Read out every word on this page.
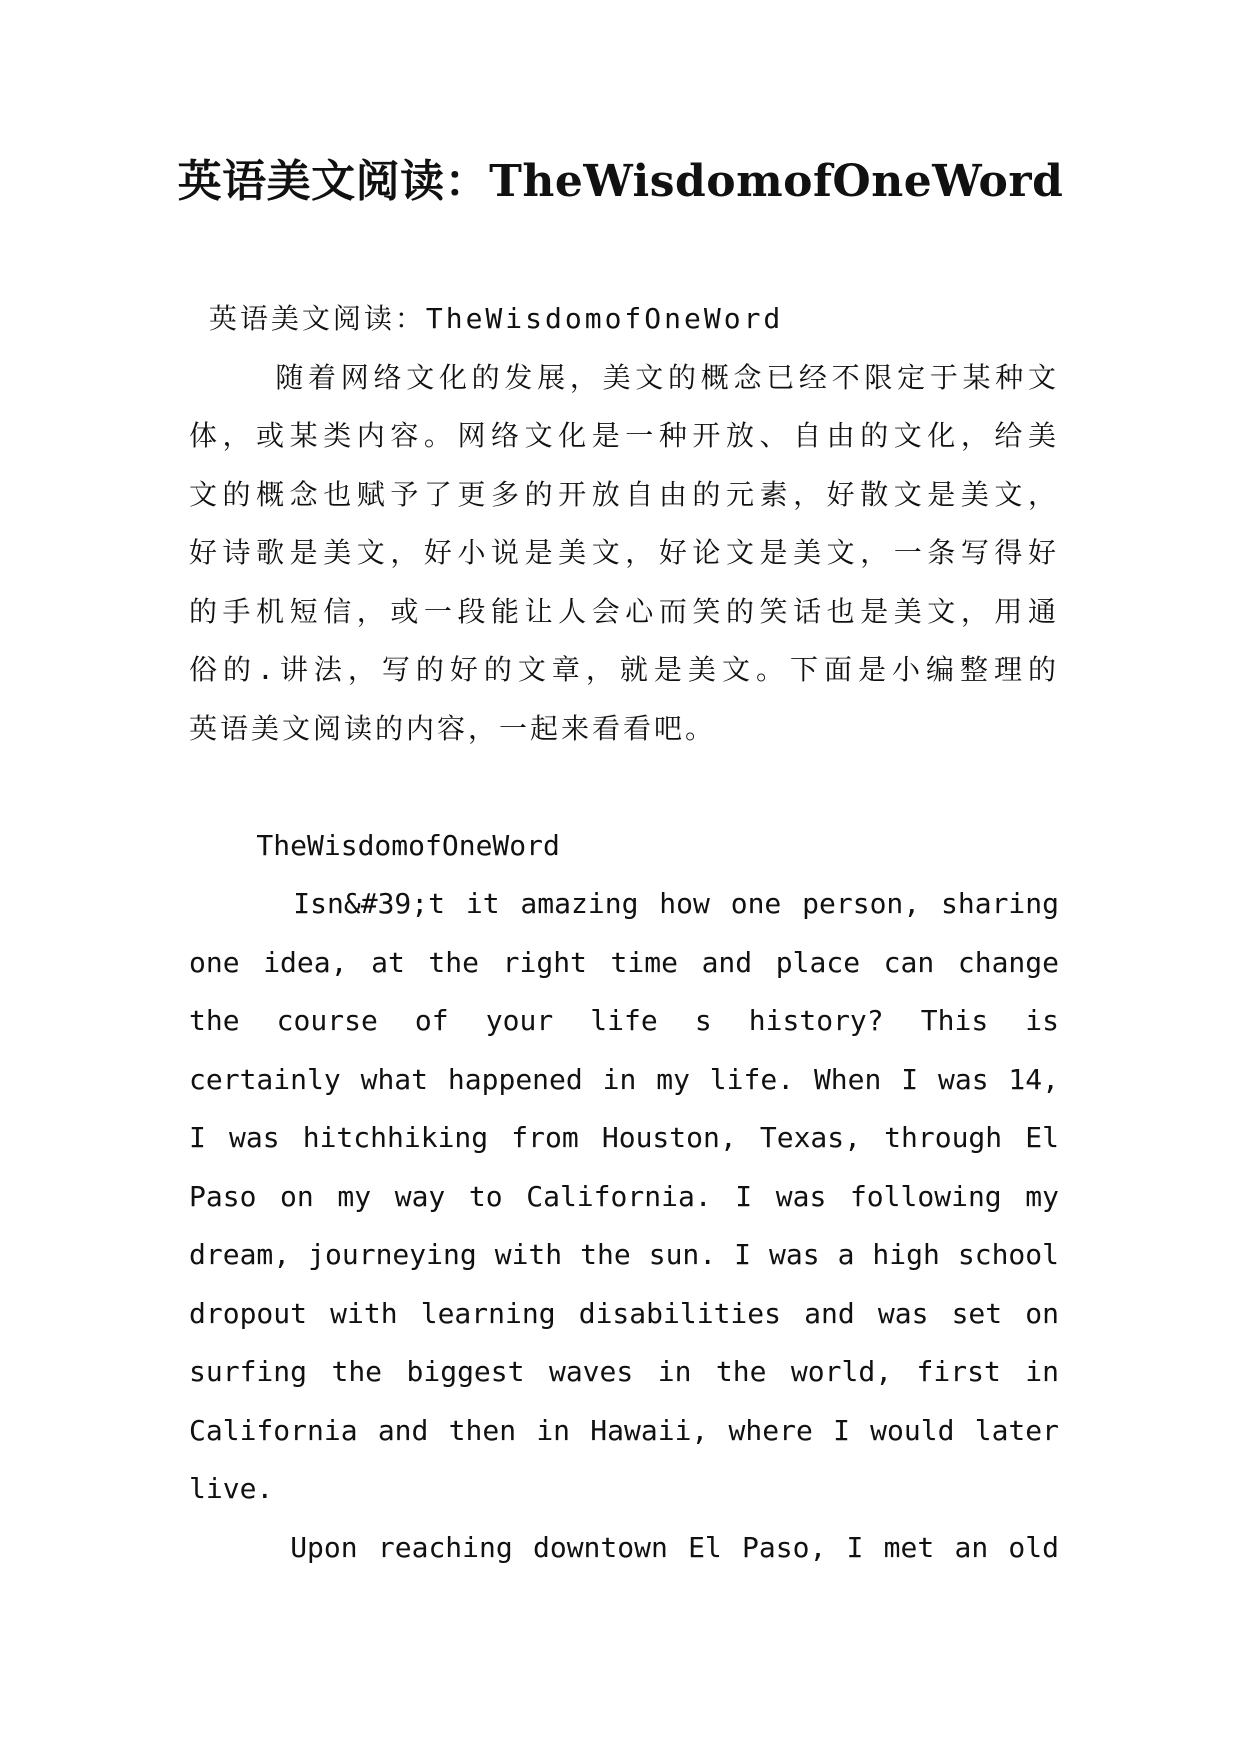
英语美文阅读：TheWisdomofOneWord
英语美文阅读：TheWisdomofOneWord
随着网络文化的发展，美文的概念已经不限定于某种文
体，或某类内容。网络文化是一种开放、自由的文化，给美
文的概念也赋予了更多的开放自由的元素，好散文是美文，
好诗歌是美文，好小说是美文，好论文是美文，一条写得好
的手机短信，或一段能让人会心而笑的笑话也是美文，用通
俗的.讲法，写的好的文章，就是美文。下面是小编整理的
英语美文阅读的内容，一起来看看吧。
TheWisdomofOneWord
Isn&#39;t it amazing how one person, sharing
one idea, at the right time and place can change
the course of your life s history? This is
certainly what happened in my life. When I was 14,
I was hitchhiking from Houston, Texas, through El
Paso on my way to California. I was following my
dream, journeying with the sun. I was a high school
dropout with learning disabilities and was set on
surfing the biggest waves in the world, first in
California and then in Hawaii, where I would later
live.
Upon reaching downtown El Paso, I met an old
